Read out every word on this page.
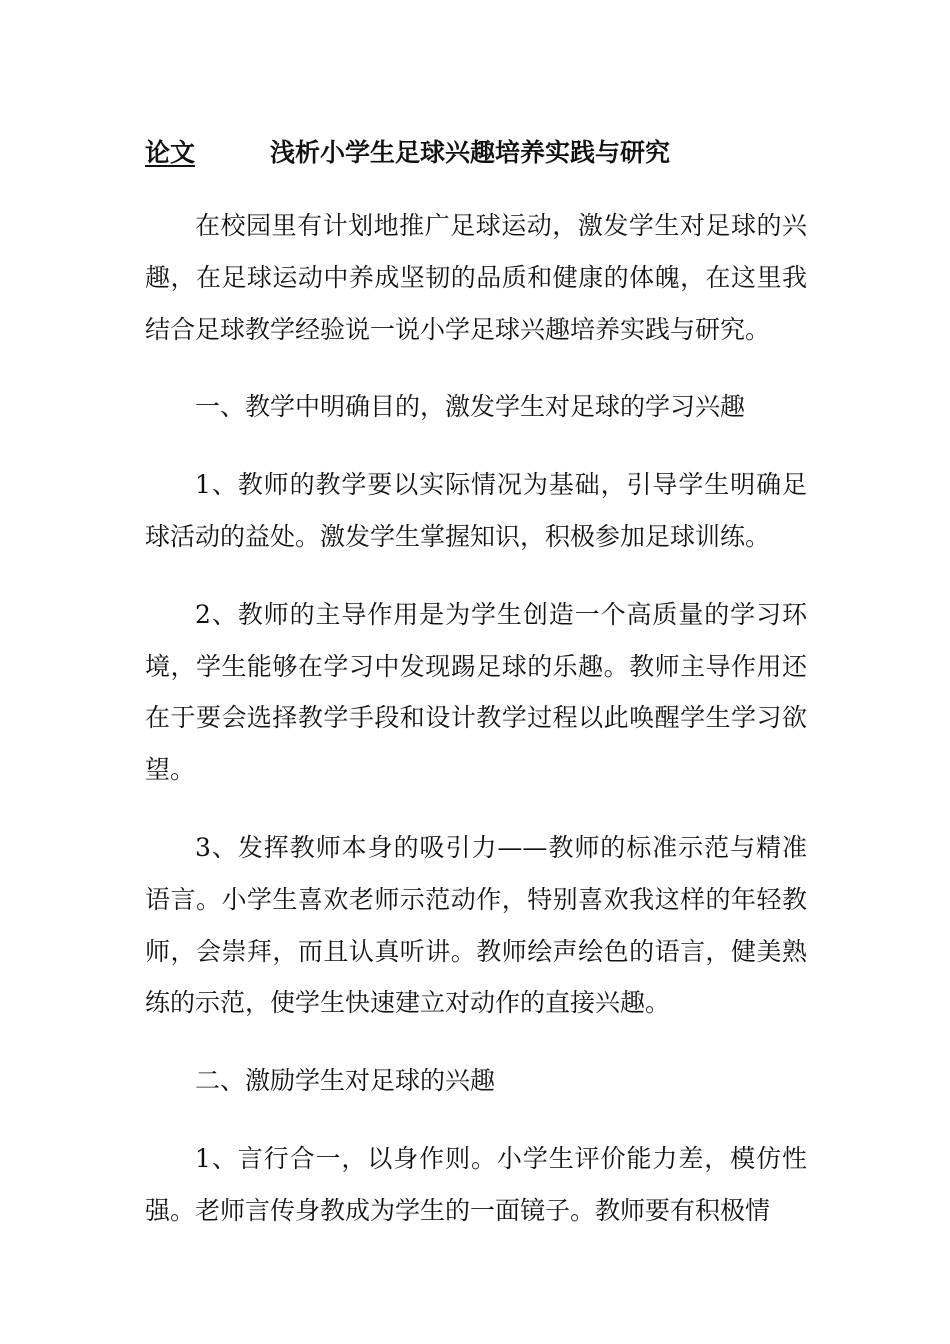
论文	浅析小学生足球兴趣培养实践与研究

在校园里有计划地推广足球运动，激发学生对足球的兴趣，在足球运动中养成坚韧的品质和健康的体魄，在这里我结合足球教学经验说一说小学足球兴趣培养实践与研究。

一、教学中明确目的，激发学生对足球的学习兴趣

1、教师的教学要以实际情况为基础，引导学生明确足球活动的益处。激发学生掌握知识，积极参加足球训练。

2、教师的主导作用是为学生创造一个高质量的学习环境，学生能够在学习中发现踢足球的乐趣。教师主导作用还在于要会选择教学手段和设计教学过程以此唤醒学生学习欲望。

3、发挥教师本身的吸引力——教师的标准示范与精准语言。小学生喜欢老师示范动作，特别喜欢我这样的年轻教师，会崇拜，而且认真听讲。教师绘声绘色的语言，健美熟练的示范，使学生快速建立对动作的直接兴趣。

二、激励学生对足球的兴趣

1、言行合一，以身作则。小学生评价能力差，模仿性强。老师言传身教成为学生的一面镜子。教师要有积极情
